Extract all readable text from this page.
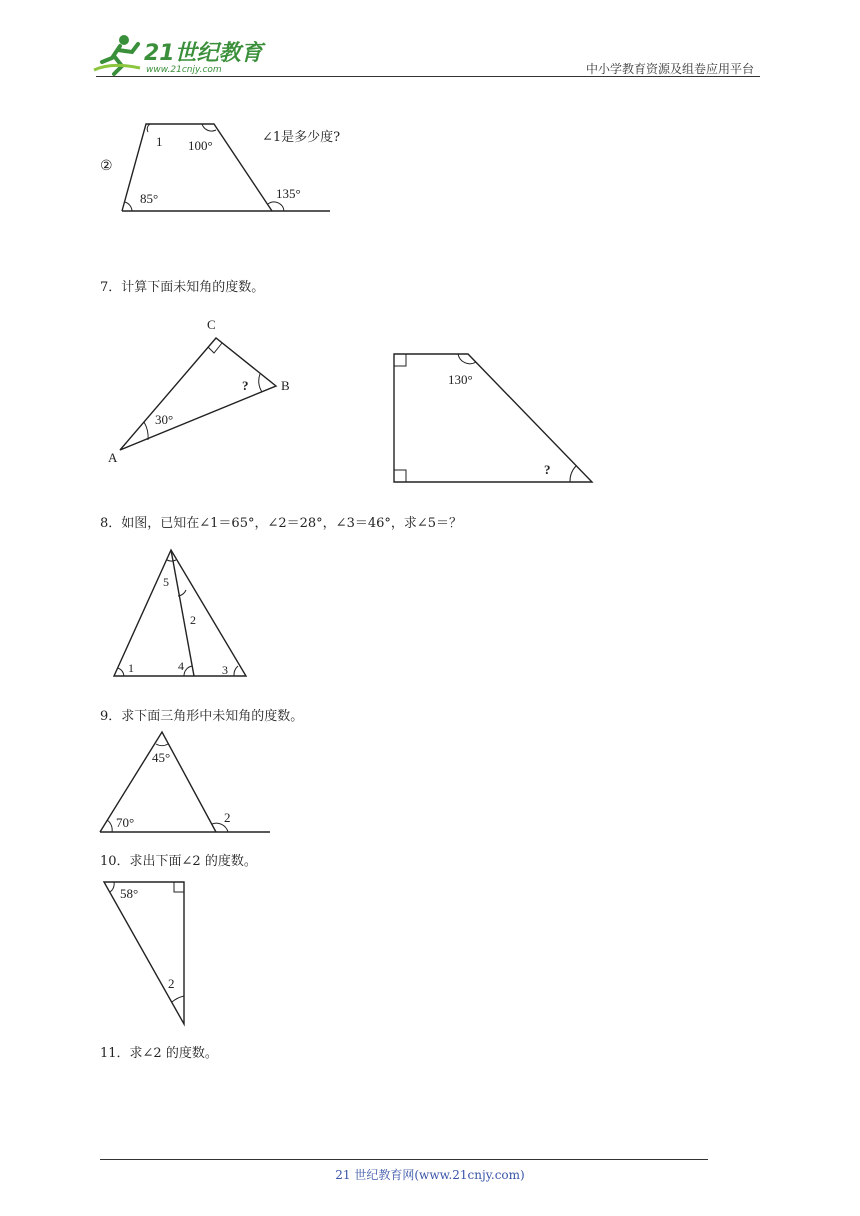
21世纪教育
www.21cnjy.com	中小学教育资源及组卷应用平台
②
∠1是多少度?
1 100°
85°	135°
7．计算下面未知角的度数。
C
B
A
30°
?	130°
?
8．如图，已知在∠1＝65°，∠2＝28°，∠3＝46°，求∠5＝？
5
2
1	4	3
9．求下面三角形中未知角的度数。
45°
70°	2
10．求出下面∠2 的度数。
58°
2
11．求∠2 的度数。
21 世纪教育网(www.21cnjy.com)
